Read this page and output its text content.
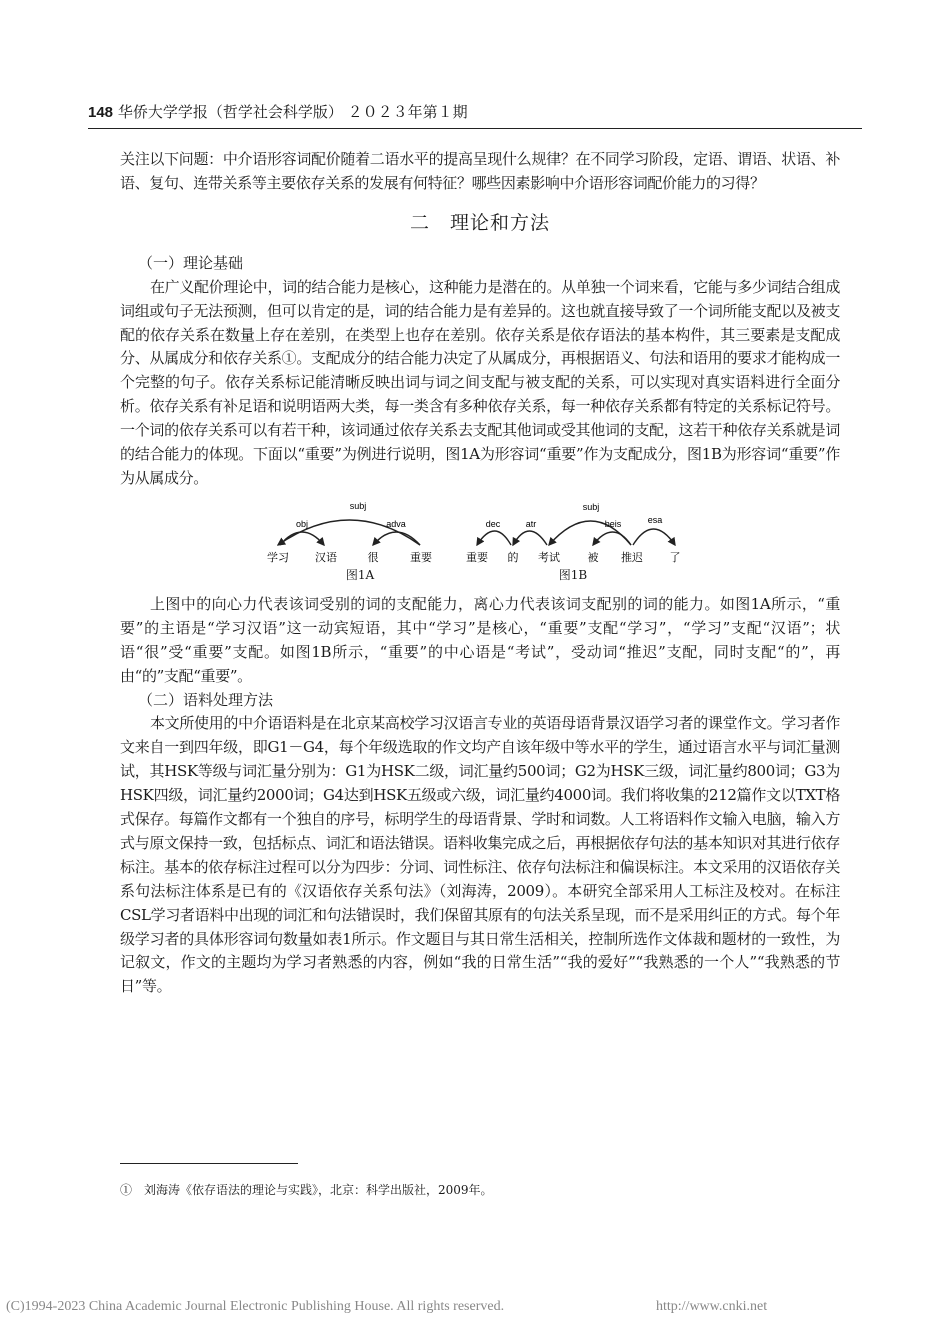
148 华侨大学学报（哲学社会科学版） ２０２３年第１期

关注以下问题：中介语形容词配价随着二语水平的提高呈现什么规律？在不同学习阶段，定语、谓语、状语、补语、复句、连带关系等主要依存关系的发展有何特征？哪些因素影响中介语形容词配价能力的习得？

二　理论和方法

（一）理论基础

在广义配价理论中，词的结合能力是核心，这种能力是潜在的。从单独一个词来看，它能与多少词结合组成词组或句子无法预测，但可以肯定的是，词的结合能力是有差异的。这也就直接导致了一个词所能支配以及被支配的依存关系在数量上存在差别，在类型上也存在差别。依存关系是依存语法的基本构件，其三要素是支配成分、从属成分和依存关系①。支配成分的结合能力决定了从属成分，再根据语义、句法和语用的要求才能构成一个完整的句子。依存关系标记能清晰反映出词与词之间支配与被支配的关系，可以实现对真实语料进行全面分析。依存关系有补足语和说明语两大类，每一类含有多种依存关系，每一种依存关系都有特定的关系标记符号。一个词的依存关系可以有若干种，该词通过依存关系去支配其他词或受其他词的支配，这若干种依存关系就是词的结合能力的体现。下面以“重要”为例进行说明，图1A为形容词“重要”作为支配成分，图1B为形容词“重要”作为从属成分。

subj
obj	adva
学习 汉语	很	重要
图1A
dec	atr
subj
beis	esa
重要 的 考试	被 推迟 了
图1B

上图中的向心力代表该词受别的词的支配能力，离心力代表该词支配别的词的能力。如图1A所示，“重要”的主语是“学习汉语”这一动宾短语，其中“学习”是核心，“重要”支配“学习”，“学习”支配“汉语”；状语“很”受“重要”支配。如图1B所示，“重要”的中心语是“考试”，受动词“推迟”支配，同时支配“的”，再由“的”支配“重要”。

（二）语料处理方法

本文所使用的中介语语料是在北京某高校学习汉语言专业的英语母语背景汉语学习者的课堂作文。学习者作文来自一到四年级，即G1－G4，每个年级选取的作文均产自该年级中等水平的学生，通过语言水平与词汇量测试，其HSK等级与词汇量分别为：G1为HSK二级，词汇量约500词；G2为HSK三级，词汇量约800词；G3为HSK四级，词汇量约2000词；G4达到HSK五级或六级，词汇量约4000词。我们将收集的212篇作文以TXT格式保存。每篇作文都有一个独自的序号，标明学生的母语背景、学时和词数。人工将语料作文输入电脑，输入方式与原文保持一致，包括标点、词汇和语法错误。语料收集完成之后，再根据依存句法的基本知识对其进行依存标注。基本的依存标注过程可以分为四步：分词、词性标注、依存句法标注和偏误标注。本文采用的汉语依存关系句法标注体系是已有的《汉语依存关系句法》（刘海涛，2009）。本研究全部采用人工标注及校对。在标注CSL学习者语料中出现的词汇和句法错误时，我们保留其原有的句法关系呈现，而不是采用纠正的方式。每个年级学习者的具体形容词句数量如表1所示。作文题目与其日常生活相关，控制所选作文体裁和题材的一致性，为记叙文，作文的主题均为学习者熟悉的内容，例如“我的日常生活”“我的爱好”“我熟悉的一个人”“我熟悉的节日”等。

①　刘海涛《依存语法的理论与实践》，北京：科学出版社，2009年。
(C)1994-2023 China Academic Journal Electronic Publishing House. All rights reserved.	http://www.cnki.net
